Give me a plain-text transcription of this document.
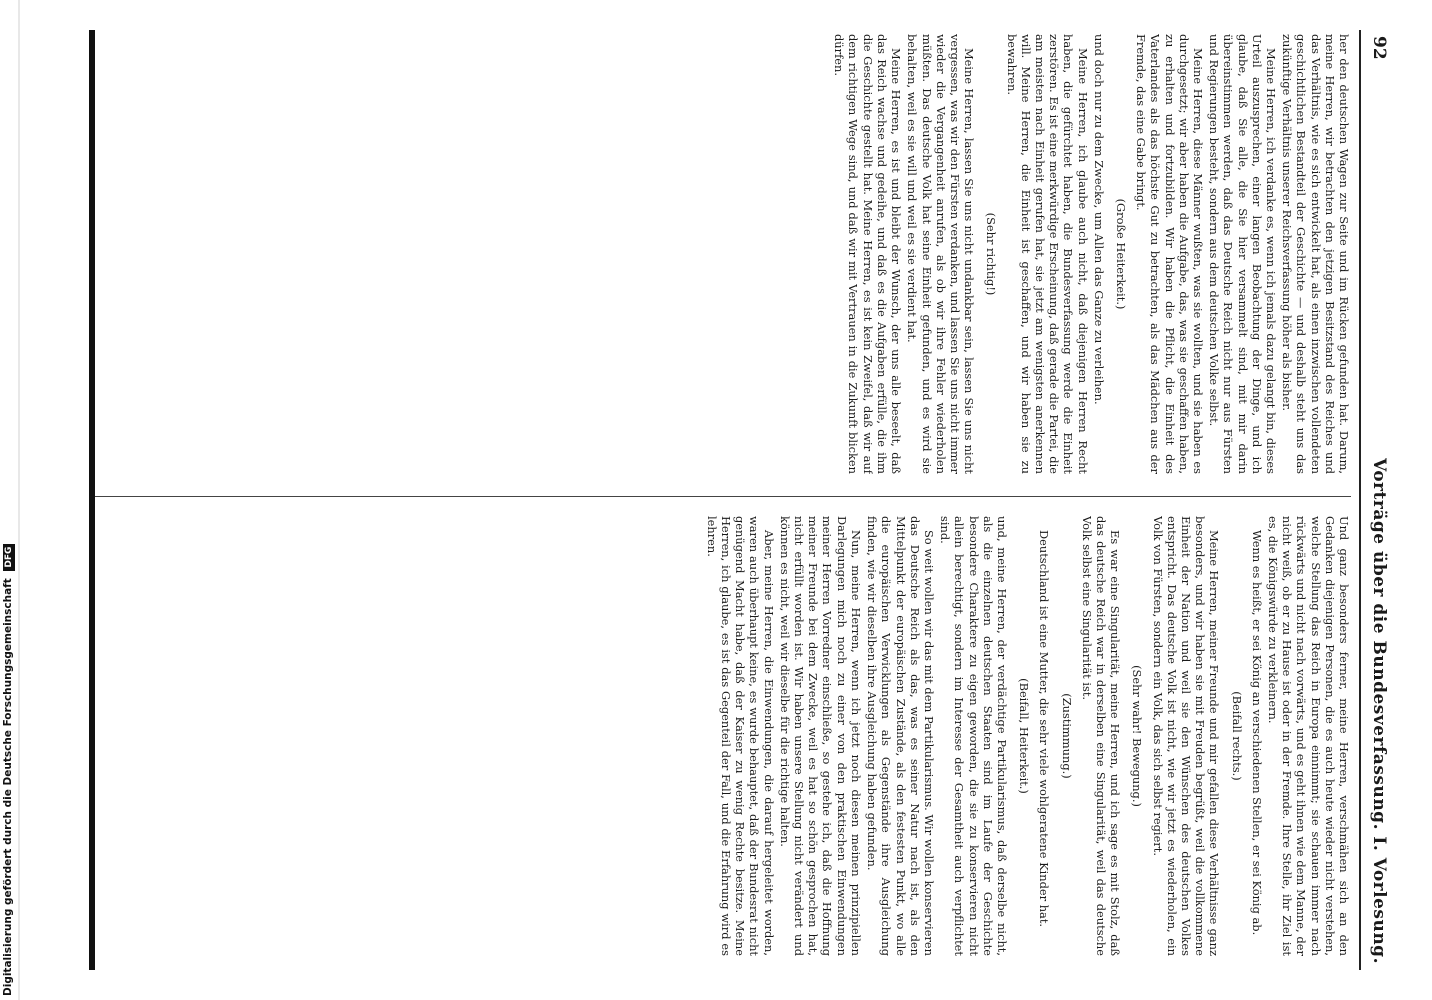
92
Vorträge über die Bundesverfassung. I. Vorlesung.

her den deutschen Wagen zur Seite und im Rücken gefunden hat. Darum, meine Herren, wir betrachten den jetzigen Besitzstand des Reiches und das Verhältnis, wie es sich entwickelt hat, als einen inzwischen vollendeten geschichtlichen Bestandteil der Geschichte — und deshalb steht uns das zukünftige Verhältnis unserer Reichsverfassung höher als bisher.

Meine Herren, ich verdanke es, wenn ich jemals dazu gelangt bin, dieses Urteil auszusprechen, einer langen Beobachtung der Dinge, und ich glaube, daß Sie alle, die Sie hier versammelt sind, mit mir darin übereinstimmen werden, daß das Deutsche Reich nicht nur aus Fürsten und Regierungen besteht, sondern aus dem deutschen Volke selbst.

Meine Herren, diese Männer wußten, was sie wollten, und sie haben es durchgesetzt; wir aber haben die Aufgabe, das, was sie geschaffen haben, zu erhalten und fortzubilden. Wir haben die Pflicht, die Einheit des Vaterlandes als das höchste Gut zu betrachten, als das Mädchen aus der Fremde, das eine Gabe bringt.

(Große Heiterkeit.)

und doch nur zu dem Zwecke, um Allen das Ganze zu verleihen.

Meine Herren, ich glaube auch nicht, daß diejenigen Herren Recht haben, die gefürchtet haben, die Bundesverfassung werde die Einheit zerstören. Es ist eine merkwürdige Erscheinung, daß gerade die Partei, die am meisten nach Einheit gerufen hat, sie jetzt am wenigsten anerkennen will. Meine Herren, die Einheit ist geschaffen, und wir haben sie zu bewahren.

(Sehr richtig!)

Meine Herren, lassen Sie uns nicht undankbar sein, lassen Sie uns nicht vergessen, was wir den Fürsten verdanken, und lassen Sie uns nicht immer wieder die Vergangenheit anrufen, als ob wir ihre Fehler wiederholen müßten. Das deutsche Volk hat seine Einheit gefunden, und es wird sie behalten, weil es sie will und weil es sie verdient hat.

Meine Herren, es ist und bleibt der Wunsch, der uns alle beseelt, daß das Reich wachse und gedeihe, und daß es die Aufgaben erfülle, die ihm die Geschichte gestellt hat. Meine Herren, es ist kein Zweifel, daß wir auf dem richtigen Wege sind, und daß wir mit Vertrauen in die Zukunft blicken dürfen.

Und ganz besonders ferner, meine Herren, verschmähen sich an den Gedanken diejenigen Personen, die es auch heute wieder nicht verstehen, welche Stellung das Reich in Europa einnimmt; sie schauen immer nach rückwärts und nicht nach vorwärts, und es geht ihnen wie dem Manne, der nicht weiß, ob er zu Hause ist oder in der Fremde. Ihre Stelle, ihr Ziel ist es, die Königswürde zu verkleinern.

Wenn es heißt, er sei König an verschiedenen Stellen, er sei König ab.

(Beifall rechts.)

Meine Herren, meiner Freunde und mir gefallen diese Verhältnisse ganz besonders, und wir haben sie mit Freuden begrüßt, weil die vollkommene Einheit der Nation und weil sie den Wünschen des deutschen Volkes entspricht. Das deutsche Volk ist nicht, wie wir jetzt es wiederholen, ein Volk von Fürsten, sondern ein Volk, das sich selbst regiert.

(Sehr wahr! Bewegung.)

Es war eine Singularität, meine Herren, und ich sage es mit Stolz, daß das deutsche Reich war in derselben eine Singularität, weil das deutsche Volk selbst eine Singularität ist.

(Zustimmung.)

Deutschland ist eine Mutter, die sehr viele wohlgeratene Kinder hat.

(Beifall, Heiterkeit.)

und, meine Herren, der verdächtige Partikularismus, daß derselbe nicht, als die einzelnen deutschen Staaten sind im Laufe der Geschichte besondere Charaktere zu eigen geworden, die sie zu konservieren nicht allein berechtigt, sondern im Interesse der Gesamtheit auch verpflichtet sind.

So weit wollen wir das mit dem Partikularismus. Wir wollen konservieren das Deutsche Reich als das, was es seiner Natur nach ist, als den Mittelpunkt der europäischen Zustände, als den festesten Punkt, wo alle die europäischen Verwicklungen als Gegenstände ihre Ausgleichung finden, wie wir dieselben ihre Ausgleichung haben gefunden.

Nun, meine Herren, wenn ich jetzt noch diesen meinen prinzipiellen Darlegungen mich noch zu einer von den praktischen Einwendungen meiner Herren Vorredner einschließe, so gestehe ich, daß die Hoffnung meiner Freunde bei dem Zwecke, weil es hat so schön gesprochen hat, nicht erfüllt worden ist. Wir haben unsere Stellung nicht verändert und können es nicht, weil wir dieselbe für die richtige halten.

Aber, meine Herren, die Einwendungen, die darauf hergeleitet worden, waren auch überhaupt keine, es wurde behauptet, daß der Bundesrat nicht genügend Macht habe, daß der Kaiser zu wenig Rechte besitze. Meine Herren, ich glaube, es ist das Gegenteil der Fall, und die Erfahrung wird es lehren.

Digitalisierung gefördert durch die Deutsche Forschungsgemeinschaft DFG
